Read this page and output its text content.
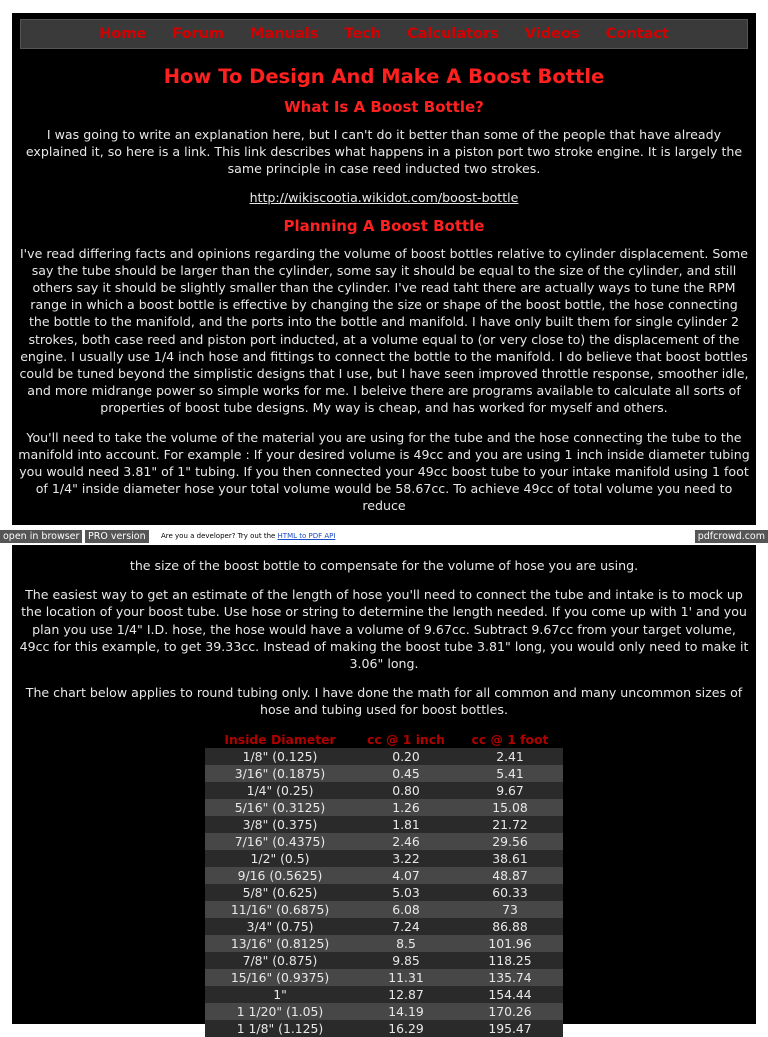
Home Forum Manuals Tech Calculators Videos Contact
How To Design And Make A Boost Bottle
What Is A Boost Bottle?

I was going to write an explanation here, but I can't do it better than some of the people that have already explained it, so here is a link. This link describes what happens in a piston port two stroke engine. It is largely the same principle in case reed inducted two strokes.

http://wikiscootia.wikidot.com/boost-bottle
Planning A Boost Bottle

I've read differing facts and opinions regarding the volume of boost bottles relative to cylinder displacement. Some say the tube should be larger than the cylinder, some say it should be equal to the size of the cylinder, and still others say it should be slightly smaller than the cylinder. I've read taht there are actually ways to tune the RPM range in which a boost bottle is effective by changing the size or shape of the boost bottle, the hose connecting the bottle to the manifold, and the ports into the bottle and manifold. I have only built them for single cylinder 2 strokes, both case reed and piston port inducted, at a volume equal to (or very close to) the displacement of the engine. I usually use 1/4 inch hose and fittings to connect the bottle to the manifold. I do believe that boost bottles could be tuned beyond the simplistic designs that I use, but I have seen improved throttle response, smoother idle, and more midrange power so simple works for me. I beleive there are programs available to calculate all sorts of properties of boost tube designs. My way is cheap, and has worked for myself and others.

You'll need to take the volume of the material you are using for the tube and the hose connecting the tube to the manifold into account. For example : If your desired volume is 49cc and you are using 1 inch inside diameter tubing you would need 3.81" of 1" tubing. If you then connected your 49cc boost tube to your intake manifold using 1 foot of 1/4" inside diameter hose your total volume would be 58.67cc. To achieve 49cc of total volume you need to reduce

open in browser PRO version	Are you a developer? Try out the HTML to PDF API	pdfcrowd.com

the size of the boost bottle to compensate for the volume of hose you are using.

The easiest way to get an estimate of the length of hose you'll need to connect the tube and intake is to mock up the location of your boost tube. Use hose or string to determine the length needed. If you come up with 1' and you plan you use 1/4" I.D. hose, the hose would have a volume of 9.67cc. Subtract 9.67cc from your target volume, 49cc for this example, to get 39.33cc. Instead of making the boost tube 3.81" long, you would only need to make it 3.06" long.

The chart below applies to round tubing only. I have done the math for all common and many uncommon sizes of hose and tubing used for boost bottles.

Inside Diameter	cc @ 1 inch	cc @ 1 foot
1/8" (0.125)	0.20	2.41
3/16" (0.1875)	0.45	5.41
1/4" (0.25)	0.80	9.67
5/16" (0.3125)	1.26	15.08
3/8" (0.375)	1.81	21.72
7/16" (0.4375)	2.46	29.56
1/2" (0.5)	3.22	38.61
9/16 (0.5625)	4.07	48.87
5/8" (0.625)	5.03	60.33
11/16" (0.6875)	6.08	73
3/4" (0.75)	7.24	86.88
13/16" (0.8125)	8.5	101.96
7/8" (0.875)	9.85	118.25
15/16" (0.9375)	11.31	135.74
1"	12.87	154.44
1 1/20" (1.05)	14.19	170.26
1 1/8" (1.125)	16.29	195.47
